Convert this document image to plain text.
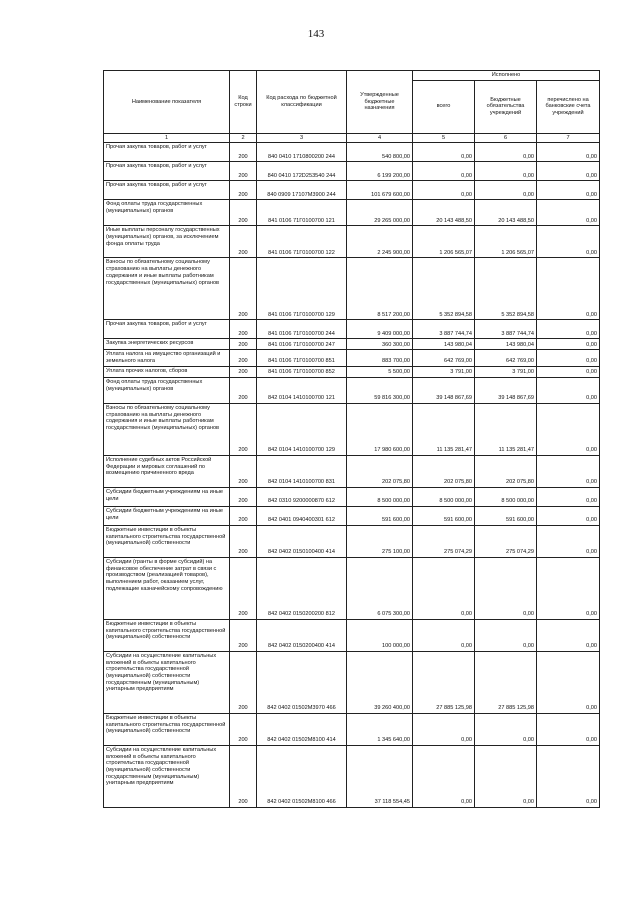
143
Наименование показателя	Код строки	Код расхода по бюджетной классификации	Утвержденные бюджетные назначения	Исполнено		
				всего	Бюджетные обязательства учреждений	перечислено на банковские счета учреждений
1	2	3	4	5	6	7
Прочая закупка товаров, работ и услуг	200	840 0410 1710800200 244	540 800,00	0,00	0,00	0,00
Прочая закупка товаров, работ и услуг	200	840 0410 172D253540 244	6 199 200,00	0,00	0,00	0,00
Прочая закупка товаров, работ и услуг	200	840 0909 17107M3900 244	101 679 600,00	0,00	0,00	0,00
Фонд оплаты труда государственных (муниципальных) органов	200	841 0106 71Г0100700 121	29 265 000,00	20 143 488,50	20 143 488,50	0,00
Иные выплаты персоналу государственных (муниципальных) органов, за исключением фонда оплаты труда	200	841 0106 71Г0100700 122	2 245 900,00	1 206 565,07	1 206 565,07	0,00
Взносы по обязательному социальному страхованию на выплаты денежного содержания и иные выплаты работникам государственных (муниципальных) органов	200	841 0106 71Г0100700 129	8 517 200,00	5 352 894,58	5 352 894,58	0,00
Прочая закупка товаров, работ и услуг	200	841 0106 71Г0100700 244	9 409 000,00	3 887 744,74	3 887 744,74	0,00
Закупка энергетических ресурсов	200	841 0106 71Г0100700 247	360 300,00	143 980,04	143 980,04	0,00
Уплата налога на имущество организаций и земельного налога	200	841 0106 71Г0100700 851	883 700,00	642 769,00	642 769,00	0,00
Уплата прочих налогов, сборов	200	841 0106 71Г0100700 852	5 500,00	3 791,00	3 791,00	0,00
Фонд оплаты труда государственных (муниципальных) органов	200	842 0104 1410100700 121	59 816 300,00	39 148 867,69	39 148 867,69	0,00
Взносы по обязательному социальному страхованию на выплаты денежного содержания и иные выплаты работникам государственных (муниципальных) органов	200	842 0104 1410100700 129	17 980 600,00	11 135 281,47	11 135 281,47	0,00
Исполнение судебных актов Российской Федерации и мировых соглашений по возмещению причиненного вреда	200	842 0104 1410100700 831	202 075,80	202 075,80	202 075,80	0,00
Субсидии бюджетным учреждениям на иные цели	200	842 0310 9200000870 612	8 500 000,00	8 500 000,00	8 500 000,00	0,00
Субсидии бюджетным учреждениям на иные цели	200	842 0401 0940400301 612	591 600,00	591 600,00	591 600,00	0,00
Бюджетные инвестиции в объекты капитального строительства государственной (муниципальной) собственности	200	842 0402 0150100400 414	275 100,00	275 074,29	275 074,29	0,00
Субсидии (гранты в форме субсидий) на финансовое обеспечение затрат в связи с производством (реализацией товаров), выполнением работ, оказанием услуг, подлежащие казначейскому сопровождению	200	842 0402 0150200200 812	6 075 300,00	0,00	0,00	0,00
Бюджетные инвестиции в объекты капитального строительства государственной (муниципальной) собственности	200	842 0402 0150200400 414	100 000,00	0,00	0,00	0,00
Субсидии на осуществление капитальных вложений в объекты капитального строительства государственной (муниципальной) собственности государственным (муниципальным) унитарным предприятиям	200	842 0402 01502M3970 466	39 260 400,00	27 885 125,98	27 885 125,98	0,00
Бюджетные инвестиции в объекты капитального строительства государственной (муниципальной) собственности	200	842 0402 01502M8100 414	1 345 640,00	0,00	0,00	0,00
Субсидии на осуществление капитальных вложений в объекты капитального строительства государственной (муниципальной) собственности государственным (муниципальным) унитарным предприятиям	200	842 0402 01502M8100 466	37 118 554,45	0,00	0,00	0,00
